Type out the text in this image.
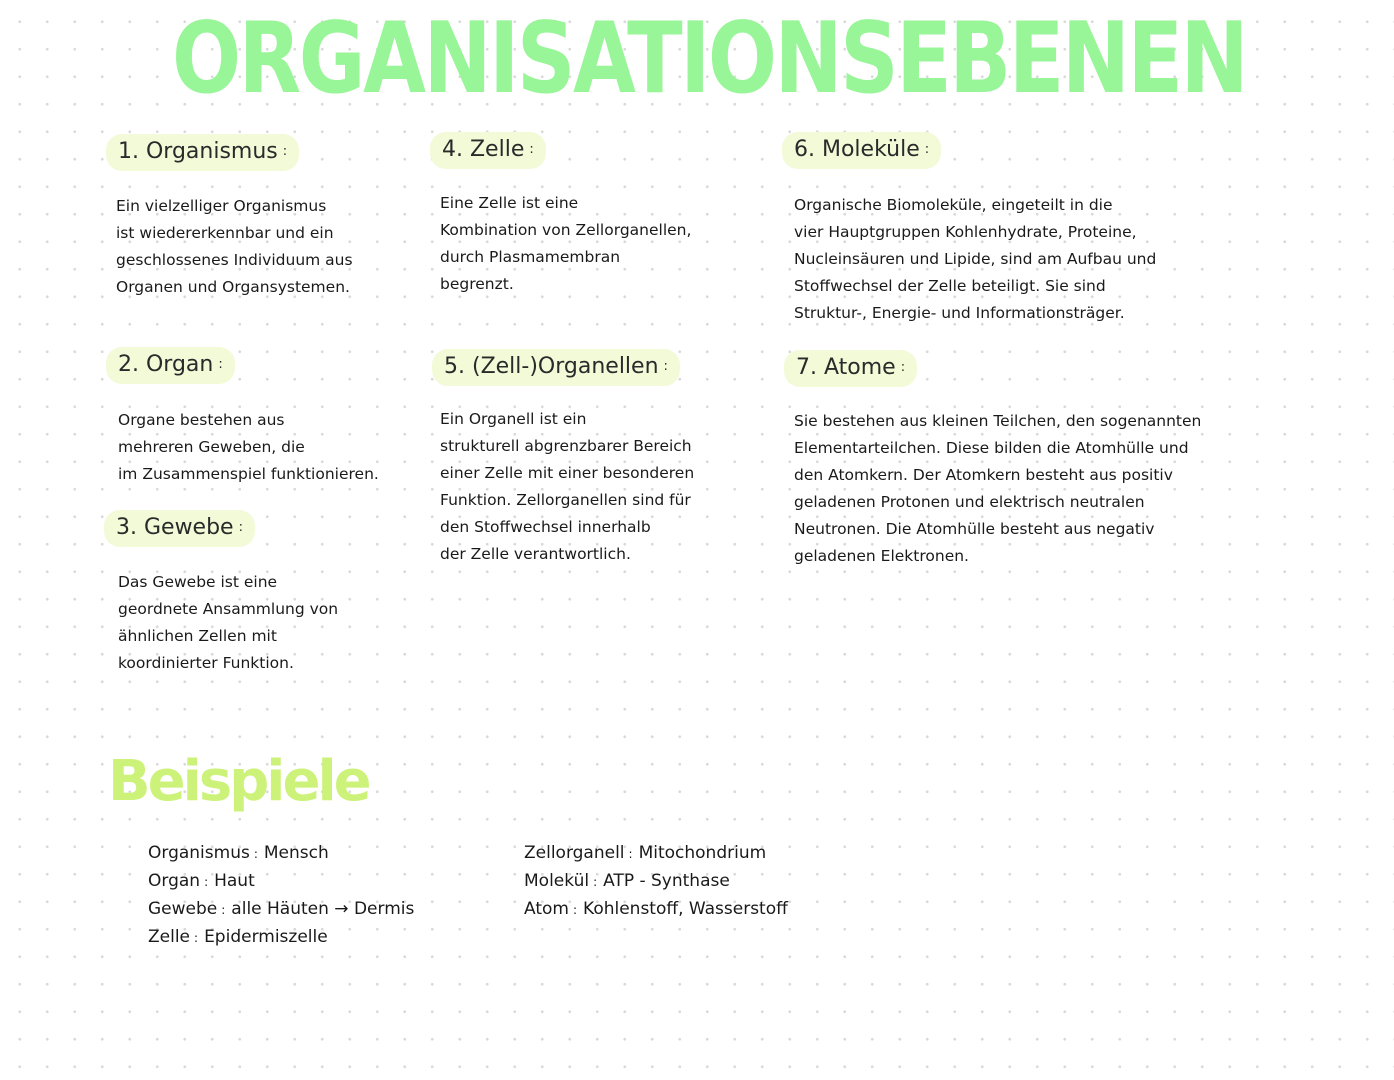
ORGANISATIONSEBENEN
1. Organismus :

Ein vielzelliger Organismus
ist wiedererkennbar und ein
geschlossenes Individuum aus
Organen und Organsystemen.

2. Organ :

Organe bestehen aus
mehreren Geweben, die
im Zusammenspiel funktionieren.

3. Gewebe :

Das Gewebe ist eine
geordnete Ansammlung von
ähnlichen Zellen mit
koordinierter Funktion.

4. Zelle :

Eine Zelle ist eine
Kombination von Zellorganellen,
durch Plasmamembran
begrenzt.

5. (Zell-)Organellen :

Ein Organell ist ein
strukturell abgrenzbarer Bereich
einer Zelle mit einer besonderen
Funktion. Zellorganellen sind für
den Stoffwechsel innerhalb
der Zelle verantwortlich.

6. Moleküle :

Organische Biomoleküle, eingeteilt in die
vier Hauptgruppen Kohlenhydrate, Proteine,
Nucleinsäuren und Lipide, sind am Aufbau und
Stoffwechsel der Zelle beteiligt. Sie sind
Struktur-, Energie- und Informationsträger.

7. Atome :

Sie bestehen aus kleinen Teilchen, den sogenannten
Elementarteilchen. Diese bilden die Atomhülle und
den Atomkern. Der Atomkern besteht aus positiv
geladenen Protonen und elektrisch neutralen
Neutronen. Die Atomhülle besteht aus negativ
geladenen Elektronen.

Beispiele
Organismus : Mensch
Organ : Haut
Gewebe : alle Häuten → Dermis
Zelle : Epidermiszelle
Zellorganell : Mitochondrium
Molekül : ATP - Synthase
Atom : Kohlenstoff, Wasserstoff
